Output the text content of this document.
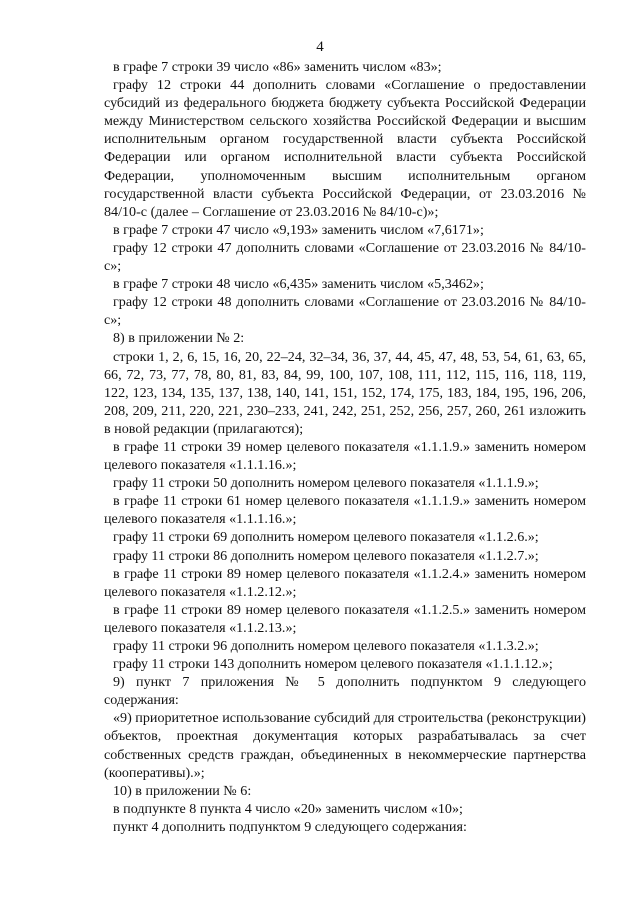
4

в графе 7 строки 39 число «86» заменить числом «83»;

графу 12 строки 44 дополнить словами «Соглашение о предоставлении субсидий из федерального бюджета бюджету субъекта Российской Федерации между Министерством сельского хозяйства Российской Федерации и высшим исполнительным органом государственной власти субъекта Российской Федерации или органом исполнительной власти субъекта Российской Федерации, уполномоченным высшим исполнительным органом государственной власти субъекта Российской Федерации, от 23.03.2016 № 84/10-с (далее – Соглашение от 23.03.2016 № 84/10-с)»;

в графе 7 строки 47 число «9,193» заменить числом «7,6171»;

графу 12 строки 47 дополнить словами «Соглашение от 23.03.2016 № 84/10-с»;

в графе 7 строки 48 число «6,435» заменить числом «5,3462»;

графу 12 строки 48 дополнить словами «Соглашение от 23.03.2016 № 84/10-с»;

8) в приложении № 2:

строки 1, 2, 6, 15, 16, 20, 22–24, 32–34, 36, 37, 44, 45, 47, 48, 53, 54, 61, 63, 65, 66, 72, 73, 77, 78, 80, 81, 83, 84, 99, 100, 107, 108, 111, 112, 115, 116, 118, 119, 122, 123, 134, 135, 137, 138, 140, 141, 151, 152, 174, 175, 183, 184, 195, 196, 206, 208, 209, 211, 220, 221, 230–233, 241, 242, 251, 252, 256, 257, 260, 261 изложить в новой редакции (прилагаются);

в графе 11 строки 39 номер целевого показателя «1.1.1.9.» заменить номером целевого показателя «1.1.1.16.»;

графу 11 строки 50 дополнить номером целевого показателя «1.1.1.9.»;

в графе 11 строки 61 номер целевого показателя «1.1.1.9.» заменить номером целевого показателя «1.1.1.16.»;

графу 11 строки 69 дополнить номером целевого показателя «1.1.2.6.»;

графу 11 строки 86 дополнить номером целевого показателя «1.1.2.7.»;

в графе 11 строки 89 номер целевого показателя «1.1.2.4.» заменить номером целевого показателя «1.1.2.12.»;

в графе 11 строки 89 номер целевого показателя «1.1.2.5.» заменить номером целевого показателя «1.1.2.13.»;

графу 11 строки 96 дополнить номером целевого показателя «1.1.3.2.»;

графу 11 строки 143 дополнить номером целевого показателя «1.1.1.12.»;

9) пункт 7 приложения № 5 дополнить подпунктом 9 следующего содержания:

«9) приоритетное использование субсидий для строительства (реконструкции) объектов, проектная документация которых разрабатывалась за счет собственных средств граждан, объединенных в некоммерческие партнерства (кооперативы).»;

10) в приложении № 6:

в подпункте 8 пункта 4 число «20» заменить числом «10»;

пункт 4 дополнить подпунктом 9 следующего содержания:
